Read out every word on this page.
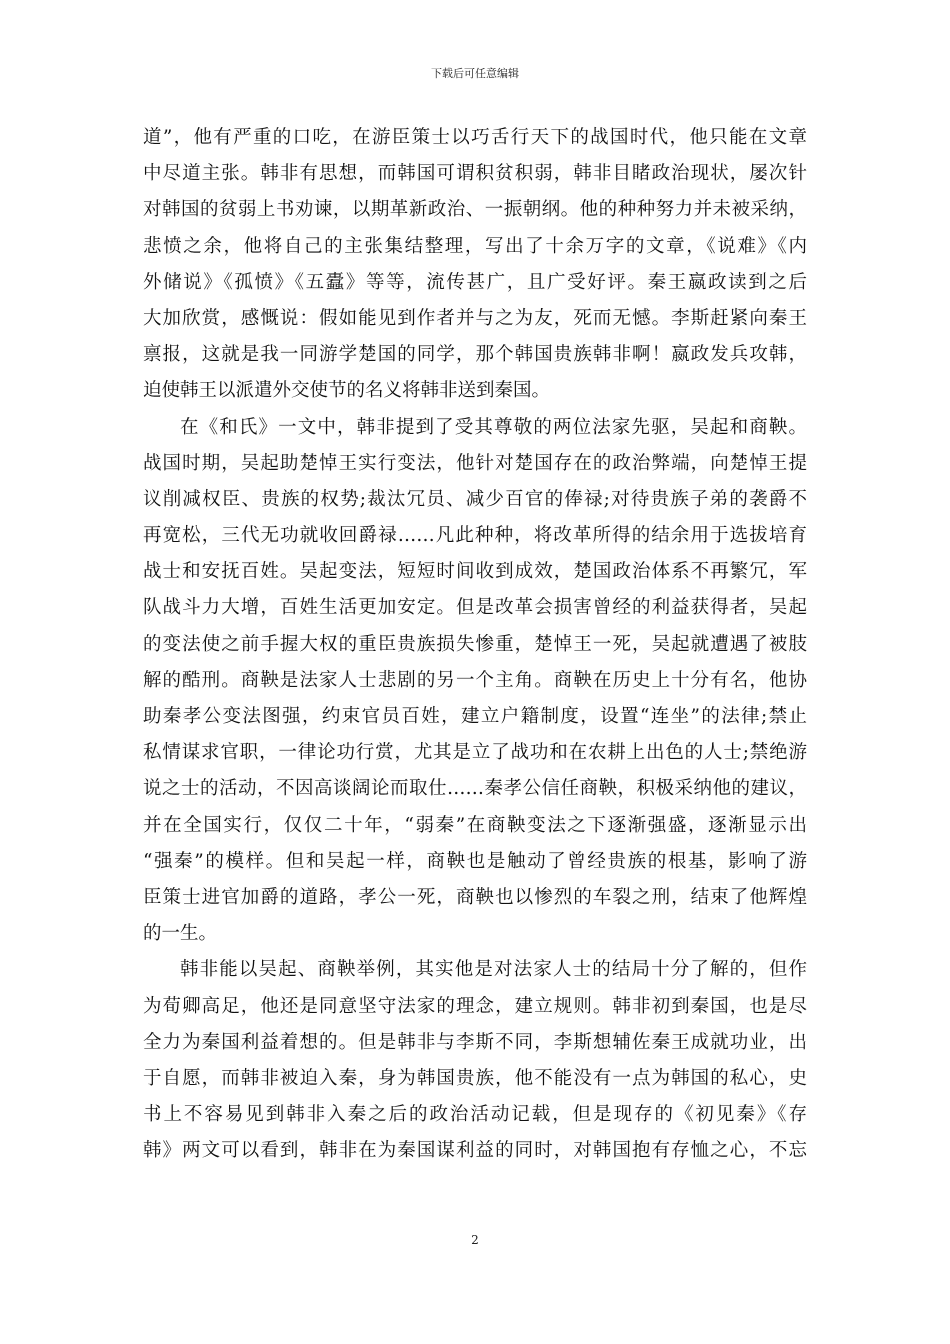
下载后可任意编辑
道”，他有严重的口吃，在游臣策士以巧舌行天下的战国时代，他只能在文章
中尽道主张。韩非有思想，而韩国可谓积贫积弱，韩非目睹政治现状，屡次针
对韩国的贫弱上书劝谏，以期革新政治、一振朝纲。他的种种努力并未被采纳，
悲愤之余，他将自己的主张集结整理，写出了十余万字的文章，《说难》《内
外储说》《孤愤》《五蠹》等等，流传甚广，且广受好评。秦王嬴政读到之后
大加欣赏，感慨说：假如能见到作者并与之为友，死而无憾。李斯赶紧向秦王
禀报，这就是我一同游学楚国的同学，那个韩国贵族韩非啊！嬴政发兵攻韩，
迫使韩王以派遣外交使节的名义将韩非送到秦国。
在《和氏》一文中，韩非提到了受其尊敬的两位法家先驱，吴起和商鞅。
战国时期，吴起助楚悼王实行变法，他针对楚国存在的政治弊端，向楚悼王提
议削减权臣、贵族的权势;裁汰冗员、减少百官的俸禄;对待贵族子弟的袭爵不
再宽松，三代无功就收回爵禄……凡此种种，将改革所得的结余用于选拔培育
战士和安抚百姓。吴起变法，短短时间收到成效，楚国政治体系不再繁冗，军
队战斗力大增，百姓生活更加安定。但是改革会损害曾经的利益获得者，吴起
的变法使之前手握大权的重臣贵族损失惨重，楚悼王一死，吴起就遭遇了被肢
解的酷刑。商鞅是法家人士悲剧的另一个主角。商鞅在历史上十分有名，他协
助秦孝公变法图强，约束官员百姓，建立户籍制度，设置“连坐”的法律;禁止
私情谋求官职，一律论功行赏，尤其是立了战功和在农耕上出色的人士;禁绝游
说之士的活动，不因高谈阔论而取仕……秦孝公信任商鞅，积极采纳他的建议，
并在全国实行，仅仅二十年，“弱秦”在商鞅变法之下逐渐强盛，逐渐显示出
“强秦”的模样。但和吴起一样，商鞅也是触动了曾经贵族的根基，影响了游
臣策士进官加爵的道路，孝公一死，商鞅也以惨烈的车裂之刑，结束了他辉煌
的一生。
韩非能以吴起、商鞅举例，其实他是对法家人士的结局十分了解的，但作
为荀卿高足，他还是同意坚守法家的理念，建立规则。韩非初到秦国，也是尽
全力为秦国利益着想的。但是韩非与李斯不同，李斯想辅佐秦王成就功业，出
于自愿，而韩非被迫入秦，身为韩国贵族，他不能没有一点为韩国的私心，史
书上不容易见到韩非入秦之后的政治活动记载，但是现存的《初见秦》《存
韩》两文可以看到，韩非在为秦国谋利益的同时，对韩国抱有存恤之心，不忘
2
